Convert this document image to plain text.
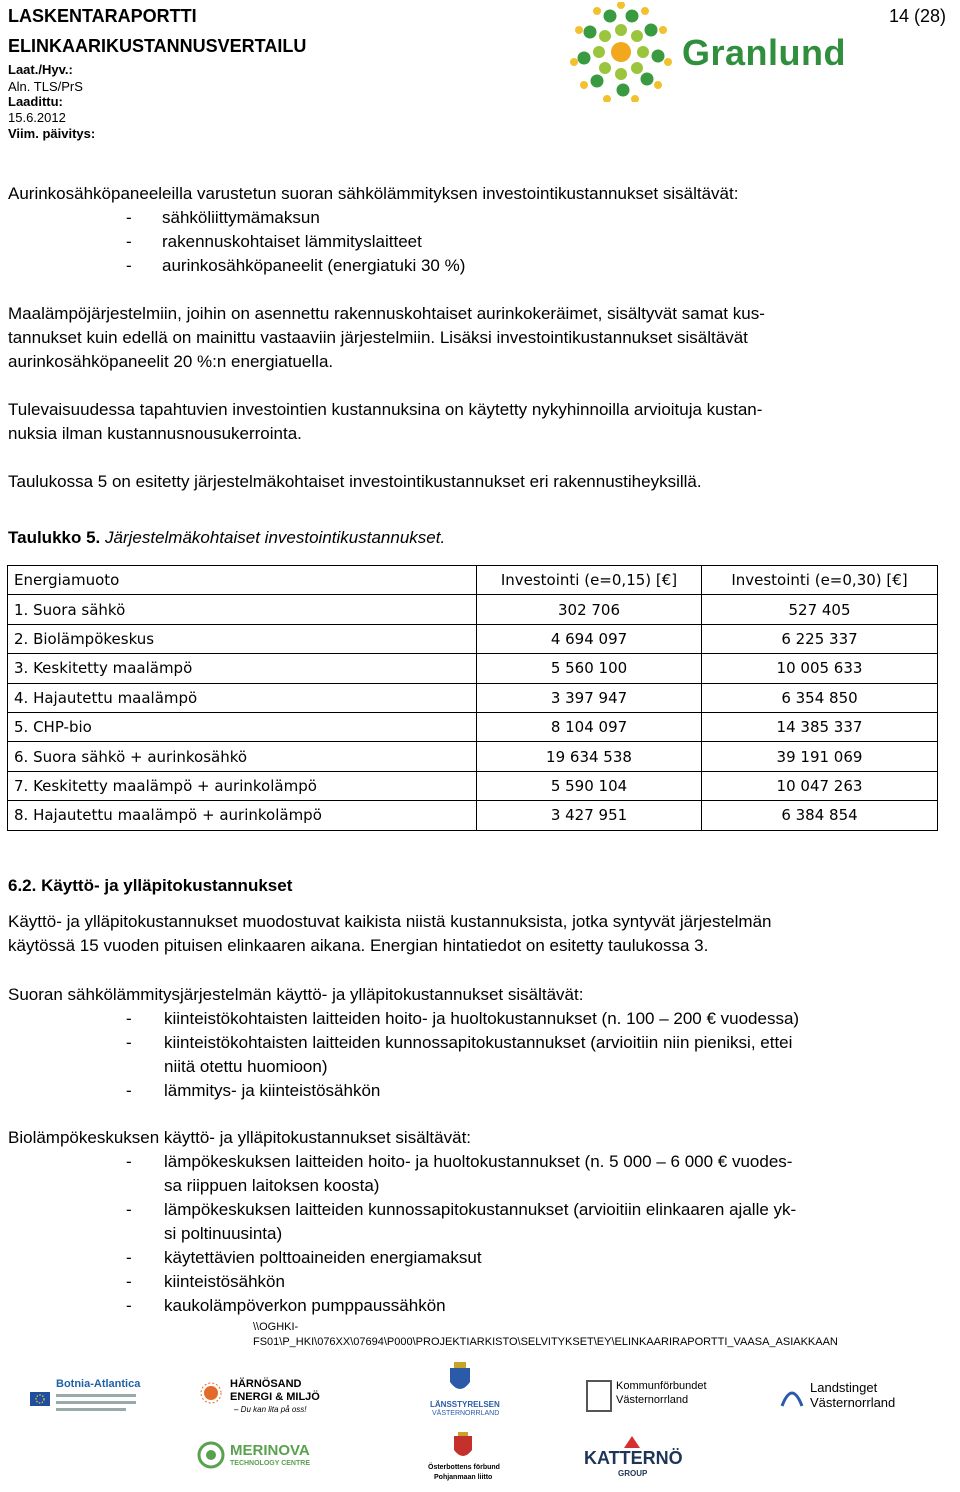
LASKENTARAPORTTI
ELINKAARIKUSTANNUSVERTAILU
Laat./Hyv.:
Aln. TLS/PrS
Laadittu:
15.6.2012
Viim. päivitys:
14 (28)
Granlund
Aurinkosähköpaneeleilla varustetun suoran sähkölämmityksen investointikustannukset sisältävät:
- sähköliittymämaksun
- rakennuskohtaiset lämmityslaitteet
- aurinkosähköpaneelit (energiatuki 30 %)
Maalämpöjärjestelmiin, joihin on asennettu rakennuskohtaiset aurinkokeräimet, sisältyvät samat kus-
tannukset kuin edellä on mainittu vastaaviin järjestelmiin. Lisäksi investointikustannukset sisältävät
aurinkosähköpaneelit 20 %:n energiatuella.
Tulevaisuudessa tapahtuvien investointien kustannuksina on käytetty nykyhinnoilla arvioituja kustan-
nuksia ilman kustannusnousukerrointa.
Taulukossa 5 on esitetty järjestelmäkohtaiset investointikustannukset eri rakennustiheyksillä.
Taulukko 5. Järjestelmäkohtaiset investointikustannukset.
Energiamuoto	Investointi (e=0,15) [€]	Investointi (e=0,30) [€]
1. Suora sähkö	302 706	527 405
2. Biolämpökeskus	4 694 097	6 225 337
3. Keskitetty maalämpö	5 560 100	10 005 633
4. Hajautettu maalämpö	3 397 947	6 354 850
5. CHP-bio	8 104 097	14 385 337
6. Suora sähkö + aurinkosähkö	19 634 538	39 191 069
7. Keskitetty maalämpö + aurinkolämpö	5 590 104	10 047 263
8. Hajautettu maalämpö + aurinkolämpö	3 427 951	6 384 854
6.2. Käyttö- ja ylläpitokustannukset
Käyttö- ja ylläpitokustannukset muodostuvat kaikista niistä kustannuksista, jotka syntyvät järjestelmän
käytössä 15 vuoden pituisen elinkaaren aikana. Energian hintatiedot on esitetty taulukossa 3.
Suoran sähkölämmitysjärjestelmän käyttö- ja ylläpitokustannukset sisältävät:
- kiinteistökohtaisten laitteiden hoito- ja huoltokustannukset (n. 100 – 200 € vuodessa)
- kiinteistökohtaisten laitteiden kunnossapitokustannukset (arvioitiin niin pieniksi, ettei
niitä otettu huomioon)
- lämmitys- ja kiinteistösähkön
Biolämpökeskuksen käyttö- ja ylläpitokustannukset sisältävät:
- lämpökeskuksen laitteiden hoito- ja huoltokustannukset (n. 5 000 – 6 000 € vuodes-
sa riippuen laitoksen koosta)
- lämpökeskuksen laitteiden kunnossapitokustannukset (arvioitiin elinkaaren ajalle yk-
si poltinuusinta)
- käytettävien polttoaineiden energiamaksut
- kiinteistösähkön
- kaukolämpöverkon pumppaussähkön
\\OGHKI-
FS01\P_HKI\076XX\07694\P000\PROJEKTIARKISTO\SELVITYKSET\EY\ELINKAARIRAPORTTI_VAASA_ASIAKKAAN
Botnia-Atlantica	HÄRNÖSAND
ENERGI & MILJÖ
– Du kan lita på oss!
LÄNSSTYRELSEN
VÄSTERNORRLAND
Kommunförbundet
Västernorrland
Landstinget
Västernorrland
MERINOVA
TECHNOLOGY CENTRE
Österbottens förbund
Pohjanmaan liitto
KATTERNÖ
GROUP
